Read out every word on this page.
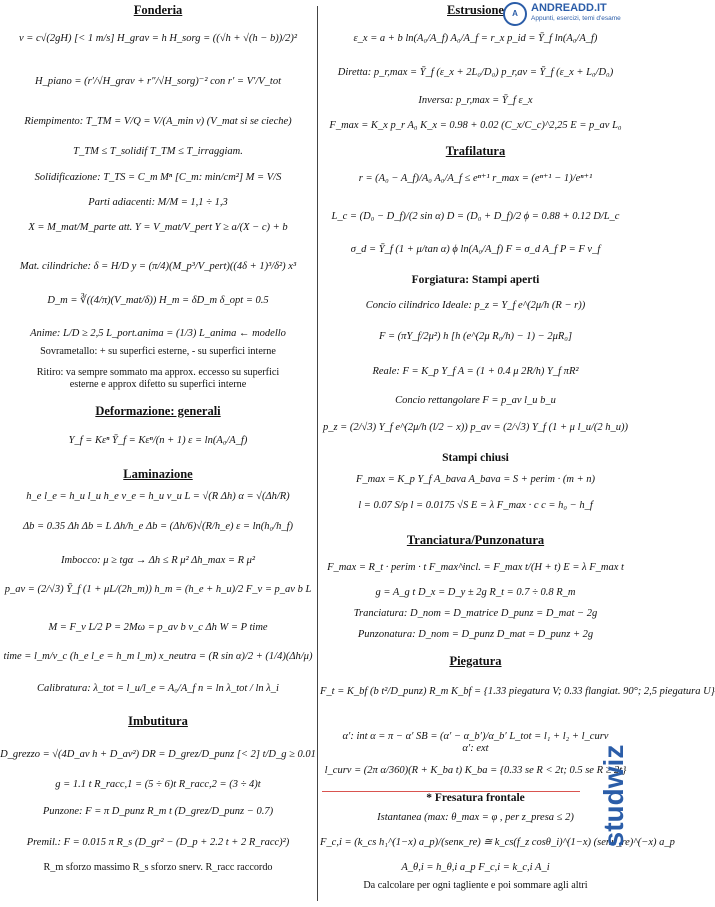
Fonderia
v = c√(2gH) [< 1 m/s] H_grav = h H_sorg = ((√h + √(h − b))/2)²
H_piano = (r′/√H_grav + r″/√H_sorg)⁻² con r′ = V′/V_tot
Riempimento: T_TM = V/Q = V/(A_min v) (V_mat si se cieche)
T_TM ≤ T_solidif T_TM ≤ T_irraggiam.
Solidificazione: T_TS = C_m Mⁿ [C_m: min/cm²] M = V/S
Parti adiacenti: M/M = 1,1 ÷ 1,3
X = M_mat/M_parte att. Y = V_mat/V_pert Y ≥ a/(X − c) + b
Mat. cilindriche: δ = H/D y = (π/4)(M_p³/V_pert)((4δ + 1)³/δ²) x³
D_m = ∛((4/π)(V_mat/δ)) H_m = δD_m δ_opt = 0.5
Anime: L/D ≥ 2,5 L_port.anima = (1/3) L_anima ← modello
Sovrametallo: + su superfici esterne, - su superfici interne
Ritiro: va sempre sommato ma approx. eccesso su superfici
esterne e approx difetto su superfici interne
Deformazione: generali
Y_f = Kεⁿ Ȳ_f = Kεⁿ/(n + 1) ε = ln(A₀/A_f)
Laminazione
h_e l_e = h_u l_u h_e v_e = h_u v_u L = √(R Δh) α = √(Δh/R)
Δb = 0.35 Δh Δb = L Δh/h_e Δb = (Δh/6)√(R/h_e) ε = ln(h₀/h_f)
Imbocco: μ ≥ tgα → Δh ≤ R μ² Δh_max = R μ²
p_av = (2/√3) Ȳ_f (1 + μL/(2h_m)) h_m = (h_e + h_u)/2 F_v = p_av b L
M = F_v L/2 P = 2Mω = p_av b v_c Δh W = P time
time = l_m/v_c (h_e l_e = h_m l_m) x_neutra = (R sin α)/2 + (1/4)(Δh/μ)
Calibratura: λ_tot = l_u/l_e = A₀/A_f n = ln λ_tot / ln λ_i
Imbutitura
D_grezzo = √(4D_av h + D_av²) DR = D_grez/D_punz [< 2] t/D_g ≥ 0.01
g = 1.1 t R_racc,1 = (5 ÷ 6)t R_racc,2 = (3 ÷ 4)t
Punzone: F = π D_punz R_m t (D_grez/D_punz − 0.7)
Premil.: F = 0.015 π R_s (D_gr² − (D_p + 2.2 t + 2 R_racc)²)
R_m sforzo massimo R_s sforzo snerv. R_racc raccordo
Estrusione
ε_x = a + b ln(A₀/A_f) A₀/A_f = r_x p_id = Ȳ_f ln(A₀/A_f)
Diretta: p_r,max = Ȳ_f (ε_x + 2L₀/D₀) p_r,av = Ȳ_f (ε_x + L₀/D₀)
Inversa: p_r,max = Ȳ_f ε_x
F_max = K_x p_r A₀ K_x = 0.98 + 0.02 (C_x/C_c)^2,25 E = p_av L₀
Trafilatura
r = (A₀ − A_f)/A₀ A₀/A_f ≤ eⁿ⁺¹ r_max = (eⁿ⁺¹ − 1)/eⁿ⁺¹
L_c = (D₀ − D_f)/(2 sin α) D = (D₀ + D_f)/2 ϕ = 0.88 + 0.12 D/L_c
σ_d = Ȳ_f (1 + μ/tan α) ϕ ln(A₀/A_f) F = σ_d A_f P = F v_f
Forgiatura: Stampi aperti
Concio cilindrico Ideale: p_z = Y_f e^(2μ/h (R − r))
F = (πY_f/2μ²) h [h (e^(2μ R₀/h) − 1) − 2μR₀]
Reale: F = K_p Y_f A = (1 + 0.4 μ 2R/h) Y_f πR²
Concio rettangolare F = p_av l_u b_u
p_z = (2/√3) Y_f e^(2μ/h (l/2 − x)) p_av = (2/√3) Y_f (1 + μ l_u/(2 h_u))
Stampi chiusi
F_max = K_p Y_f A_bava A_bava = S + perim · (m + n)
l = 0.07 S/p l = 0.0175 √S E = λ F_max · c c = h₀ − h_f
Tranciatura/Punzonatura
F_max = R_t · perim · t F_max^incl. = F_max t/(H + t) E = λ F_max t
g = A_g t D_x = D_y ± 2g R_t = 0.7 ÷ 0.8 R_m
Tranciatura: D_nom = D_matrice D_punz = D_mat − 2g
Punzonatura: D_nom = D_punz D_mat = D_punz + 2g
Piegatura
F_t = K_bf (b t²/D_punz) R_m K_bf = {1.33 piegatura V; 0.33 flangiat. 90°; 2,5 piegatura U}
α′: int α = π − α′ SB = (α′ − α_b′)/α_b′ L_tot = l₁ + l₂ + l_curv
α′: ext
l_curv = (2π α/360)(R + K_ba t) K_ba = {0.33 se R < 2t; 0.5 se R ≥ 2t}
* Fresatura frontale
Istantanea (max: θ_max = φ , per z_presa ≤ 2)
F_c,i = (k_cs h₁^(1−x) a_p)/(senκ_re) ≅ k_cs(f_z cosθ_i)^(1−x) (senκ_re)^(−x) a_p
A_θ,i = h_θ,i a_p F_c,i = k_c,i A_i
Da calcolare per ogni tagliente e poi sommare agli altri
A	ANDREADD.IT
Appunti, esercizi, temi d'esame
studwiz
